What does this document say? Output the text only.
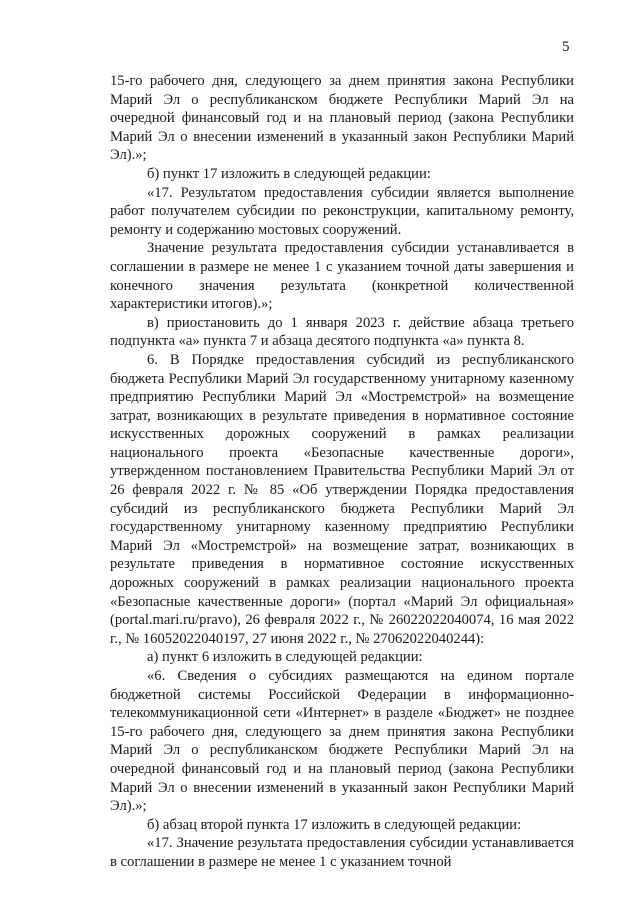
5

15-го рабочего дня, следующего за днем принятия закона Республики Марий Эл о республиканском бюджете Республики Марий Эл на очередной финансовый год и на плановый период (закона Республики Марий Эл о внесении изменений в указанный закон Республики Марий Эл).»;

б) пункт 17 изложить в следующей редакции:

«17. Результатом предоставления субсидии является выполнение работ получателем субсидии по реконструкции, капитальному ремонту, ремонту и содержанию мостовых сооружений.

Значение результата предоставления субсидии устанавливается в соглашении в размере не менее 1 с указанием точной даты завершения и конечного значения результата (конкретной количественной характеристики итогов).»;

в) приостановить до 1 января 2023 г. действие абзаца третьего подпункта «а» пункта 7 и абзаца десятого подпункта «а» пункта 8.

6. В Порядке предоставления субсидий из республиканского бюджета Республики Марий Эл государственному унитарному казенному предприятию Республики Марий Эл «Мостремстрой» на возмещение затрат, возникающих в результате приведения в нормативное состояние искусственных дорожных сооружений в рамках реализации национального проекта «Безопасные качественные дороги», утвержденном постановлением Правительства Республики Марий Эл от 26 февраля 2022 г. № 85 «Об утверждении Порядка предоставления субсидий из республиканского бюджета Республики Марий Эл государственному унитарному казенному предприятию Республики Марий Эл «Мостремстрой» на возмещение затрат, возникающих в результате приведения в нормативное состояние искусственных дорожных сооружений в рамках реализации национального проекта «Безопасные качественные дороги» (портал «Марий Эл официальная» (portal.mari.ru/pravo), 26 февраля 2022 г., № 26022022040074, 16 мая 2022 г., № 16052022040197, 27 июня 2022 г., № 27062022040244):

а) пункт 6 изложить в следующей редакции:

«6. Сведения о субсидиях размещаются на едином портале бюджетной системы Российской Федерации в информационно-телекоммуникационной сети «Интернет» в разделе «Бюджет» не позднее 15-го рабочего дня, следующего за днем принятия закона Республики Марий Эл о республиканском бюджете Республики Марий Эл на очередной финансовый год и на плановый период (закона Республики Марий Эл о внесении изменений в указанный закон Республики Марий Эл).»;

б) абзац второй пункта 17 изложить в следующей редакции:

«17. Значение результата предоставления субсидии устанавливается в соглашении в размере не менее 1 с указанием точной
